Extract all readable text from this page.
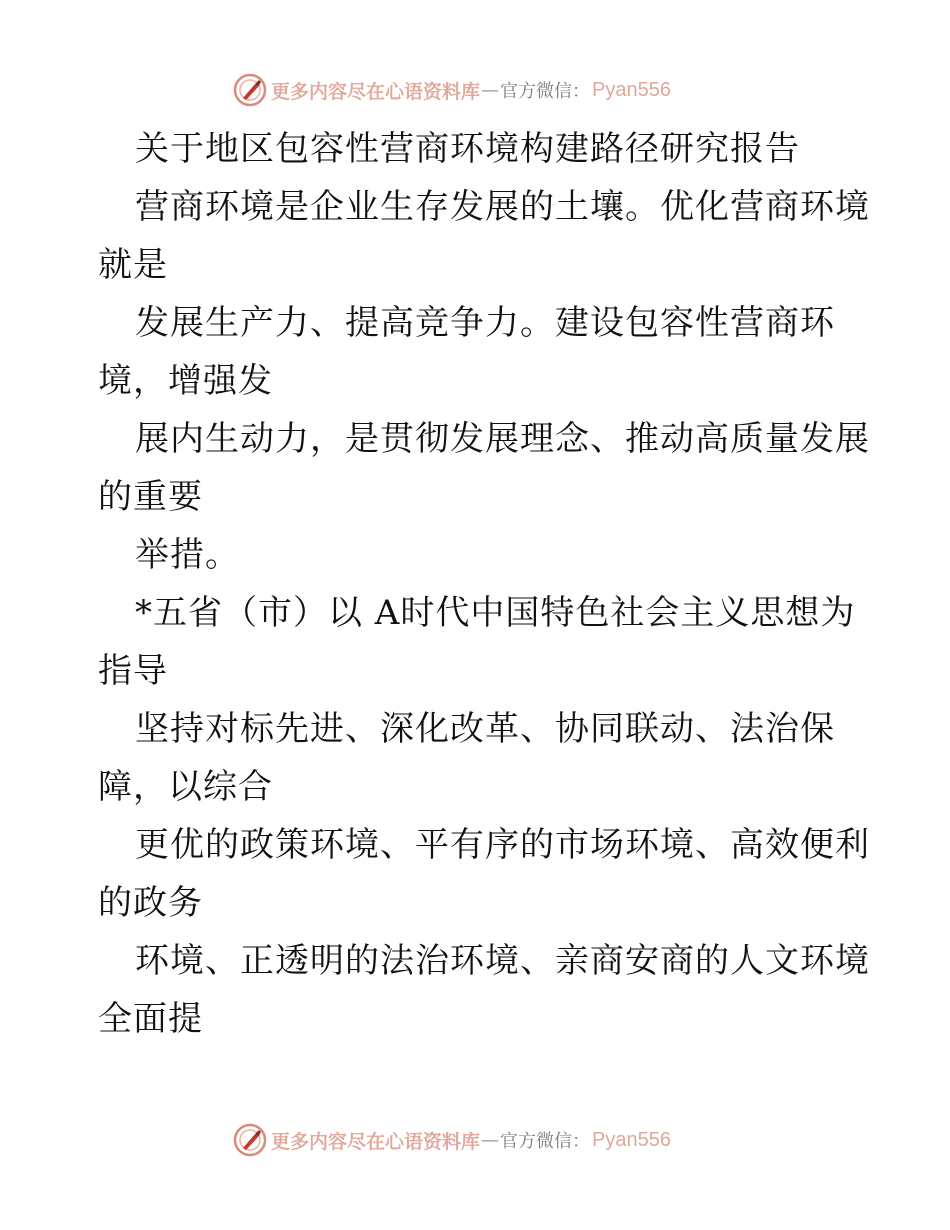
更多内容尽在心语资料库 — 官方微信： Pyan556
关于地区包容性营商环境构建路径研究报告
营商环境是企业生存发展的土壤。优化营商环境
就是
发展生产力、提高竞争力。建设包容性营商环
境，增强发
展内生动力，是贯彻发展理念、推动高质量发展
的重要
举措。
*五省（市）以 A时代中国特色社会主义思想为
指导
坚持对标先进、深化改革、协同联动、法治保
障，以综合
更优的政策环境、平有序的市场环境、高效便利
的政务
环境、正透明的法治环境、亲商安商的人文环境
全面提
更多内容尽在心语资料库 — 官方微信： Pyan556
